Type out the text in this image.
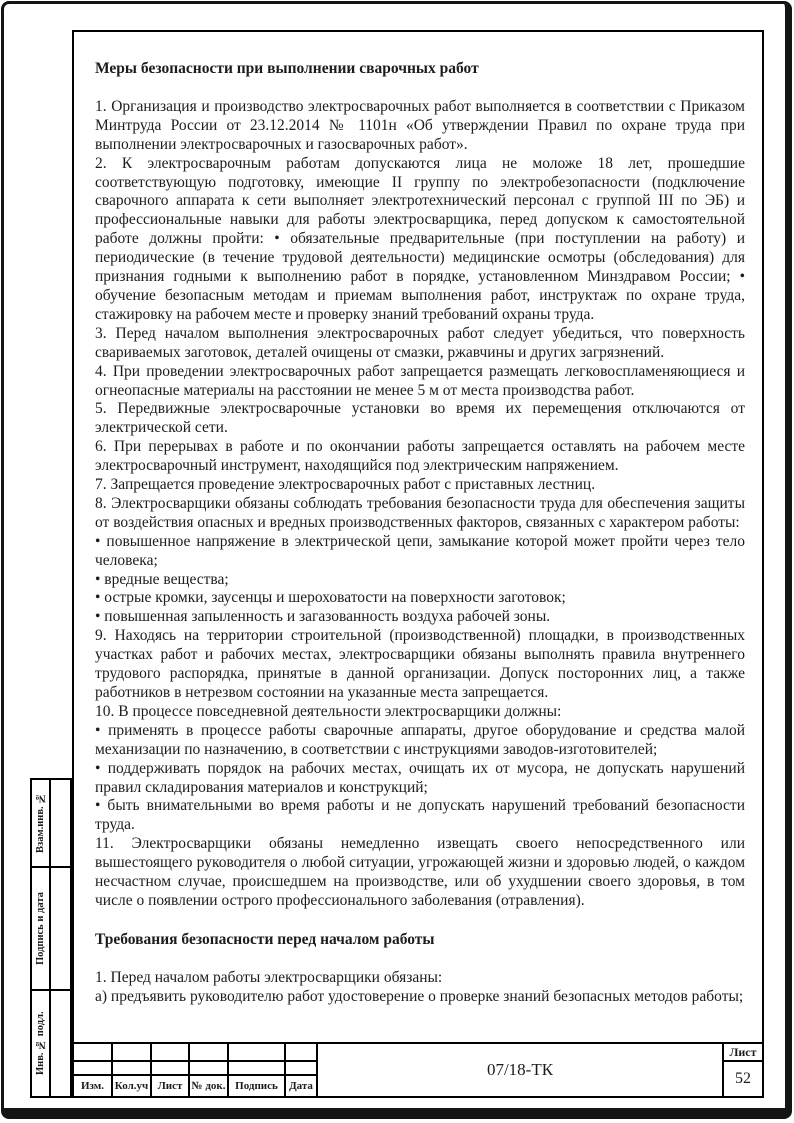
Меры безопасности при выполнении сварочных работ

1. Организация и производство электросварочных работ выполняется в соответствии с Приказом Минтруда России от 23.12.2014 № 1101н «Об утверждении Правил по охране труда при выполнении электросварочных и газосварочных работ».

2. К электросварочным работам допускаются лица не моложе 18 лет, прошедшие соответствующую подготовку, имеющие II группу по электробезопасности (подключение сварочного аппарата к сети выполняет электротехнический персонал с группой III по ЭБ) и профессиональные навыки для работы электросварщика, перед допуском к самостоятельной работе должны пройти: • обязательные предварительные (при поступлении на работу) и периодические (в течение трудовой деятельности) медицинские осмотры (обследования) для признания годными к выполнению работ в порядке, установленном Минздравом России; • обучение безопасным методам и приемам выполнения работ, инструктаж по охране труда, стажировку на рабочем месте и проверку знаний требований охраны труда.

3. Перед началом выполнения электросварочных работ следует убедиться, что поверхность свариваемых заготовок, деталей очищены от смазки, ржавчины и других загрязнений.

4. При проведении электросварочных работ запрещается размещать легковоспламеняющиеся и огнеопасные материалы на расстоянии не менее 5 м от места производства работ.

5. Передвижные электросварочные установки во время их перемещения отключаются от электрической сети.

6. При перерывах в работе и по окончании работы запрещается оставлять на рабочем месте электросварочный инструмент, находящийся под электрическим напряжением.

7. Запрещается проведение электросварочных работ с приставных лестниц.

8. Электросварщики обязаны соблюдать требования безопасности труда для обеспечения защиты от воздействия опасных и вредных производственных факторов, связанных с характером работы:

• повышенное напряжение в электрической цепи, замыкание которой может пройти через тело человека;

• вредные вещества;

• острые кромки, заусенцы и шероховатости на поверхности заготовок;

• повышенная запыленность и загазованность воздуха рабочей зоны.

9. Находясь на территории строительной (производственной) площадки, в производственных участках работ и рабочих местах, электросварщики обязаны выполнять правила внутреннего трудового распорядка, принятые в данной организации. Допуск посторонних лиц, а также работников в нетрезвом состоянии на указанные места запрещается.

10. В процессе повседневной деятельности электросварщики должны:

• применять в процессе работы сварочные аппараты, другое оборудование и средства малой механизации по назначению, в соответствии с инструкциями заводов-изготовителей;

• поддерживать порядок на рабочих местах, очищать их от мусора, не допускать нарушений правил складирования материалов и конструкций;

• быть внимательными во время работы и не допускать нарушений требований безопасности труда.

11. Электросварщики обязаны немедленно извещать своего непосредственного или вышестоящего руководителя о любой ситуации, угрожающей жизни и здоровью людей, о каждом несчастном случае, происшедшем на производстве, или об ухудшении своего здоровья, в том числе о появлении острого профессионального заболевания (отравления).

Требования безопасности перед началом работы

1. Перед началом работы электросварщики обязаны:

а) предъявить руководителю работ удостоверение о проверке знаний безопасных методов работы;

Взам.инв. №
Подпись и дата
Инв. № подл.
Изм. Кол.уч Лист № док. Подпись	Дата
07/18-ТК
Лист
52
